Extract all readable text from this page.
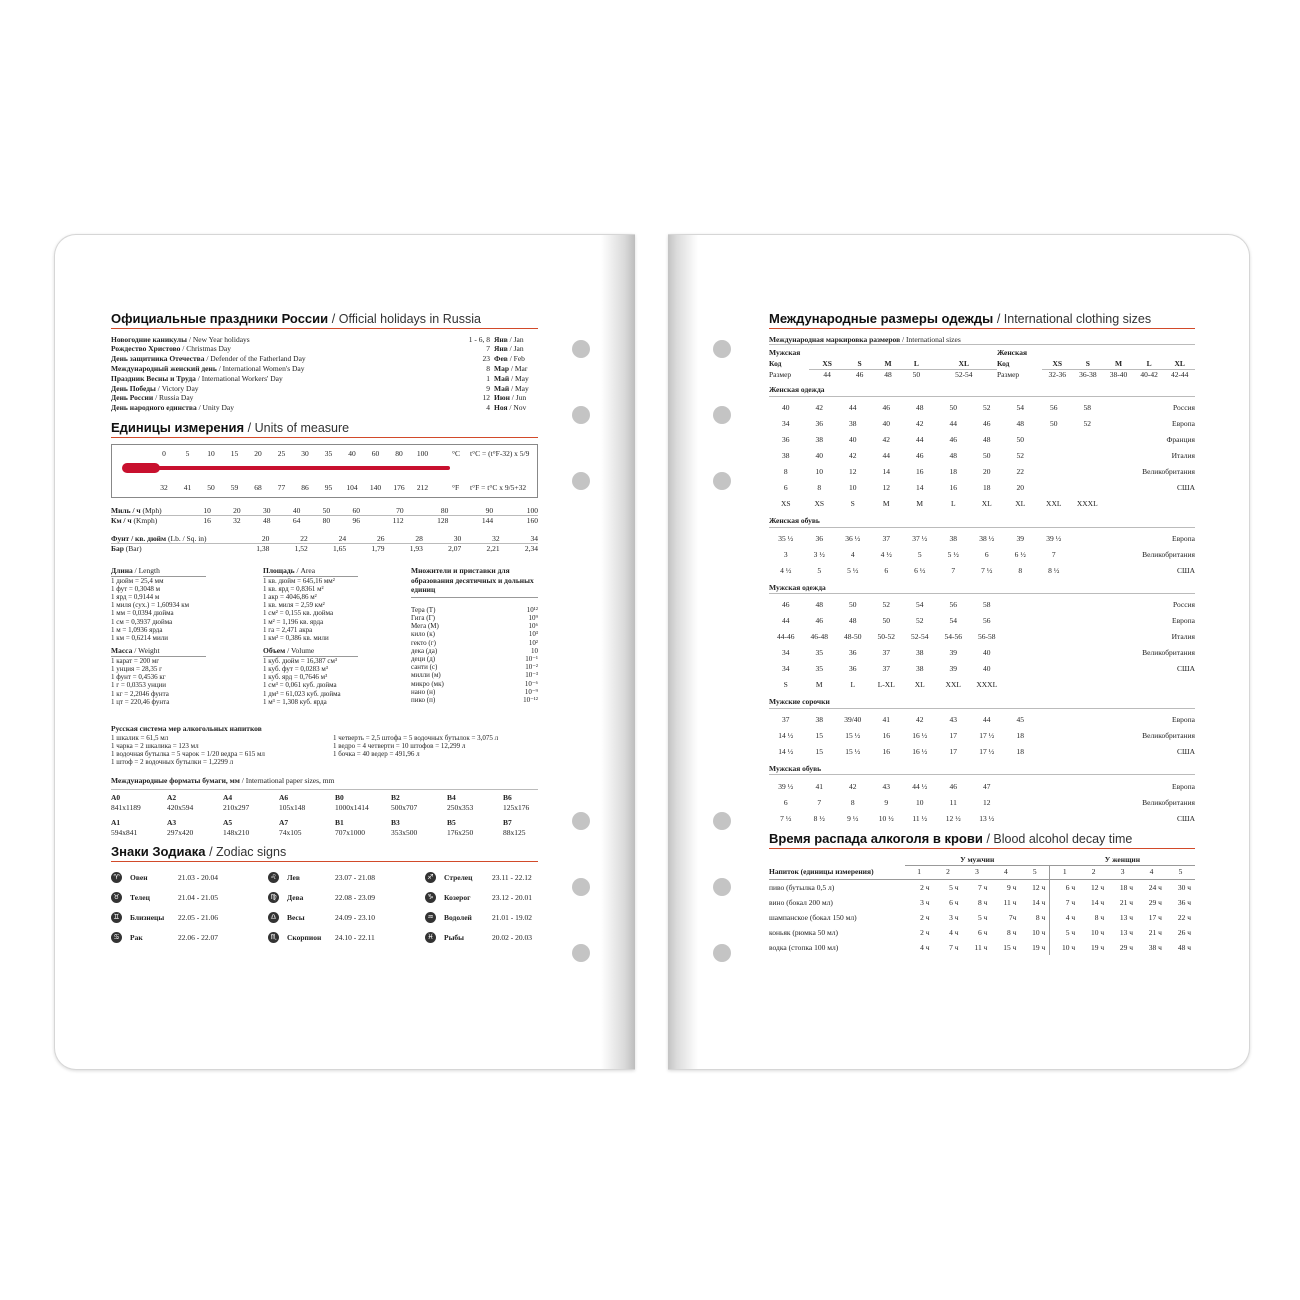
Официальные праздники России / Official holidays in Russia
Новогодние каникулы / New Year holidays	1 - 6, 8 Янв / Jan
Рождество Христово / Christmas Day	7 Янв / Jan
День защитника Отечества / Defender of the Fatherland Day	23 Фев / Feb
Международный женский день / International Women's Day	8 Мар / Mar
Праздник Весны и Труда / International Workers' Day	1 Май / May
День Победы / Victory Day	9 Май / May
День России / Russia Day	12 Июн / Jun
День народного единства / Unity Day	4 Ноя / Nov
Единицы измерения / Units of measure
0	5	10	15	20	25	30	35	40	60	80	100
32	41	50	59	68	77	86	95	104 140 176 212
°C t°C = (t°F-32) x 5/9
°F t°F = t°C x 9/5+32
Миль / ч (Mph)	10	20	30	40	50	60	70	80	90	100
Км / ч (Kmph)	16	32	48	64	80	96	112	128	144	160
Фунт / кв. дюйм (Lb. / Sq. in)	20	22	24	26	28	30	32	34
Бар (Bar)	1,38	1,52	1,65	1,79	1,93	2,07	2,21	2,34
Длина / Length
1 дюйм = 25,4 мм
1 фут = 0,3048 м
1 ярд = 0,9144 м
1 миля (сух.) = 1,60934 км
1 мм = 0,0394 дюйма
1 см = 0,3937 дюйма
1 м = 1,0936 ярда
1 км = 0,6214 мили
Масса / Weight
1 карат = 200 мг
1 унция = 28,35 г
1 фунт = 0,4536 кг
1 г = 0,0353 унции
1 кг = 2,2046 фунта
1 цт = 220,46 фунта
Площадь / Area
1 кв. дюйм = 645,16 мм²
1 кв. ярд = 0,8361 м²
1 акр = 4046,86 м²
1 кв. миля = 2,59 км²
1 см² = 0,155 кв. дюйма
1 м² = 1,196 кв. ярда
1 га = 2,471 акра
1 км² = 0,386 кв. мили
Объем / Volume
1 куб. дюйм = 16,387 см³
1 куб. фут = 0,0283 м³
1 куб. ярд = 0,7646 м³
1 см³ = 0,061 куб. дюйма
1 дм³ = 61,023 куб. дюйма
1 м³ = 1,308 куб. ярда
Множители и приставки для образования десятичных и дольных единиц
Тера (Т)	10¹²
Гига (Г)	10⁹
Мега (М)	10⁶
кило (к)	10³
гекто (г)	10²
дека (да)	10
деци (д)	10⁻¹
санти (с)	10⁻²
милли (м)	10⁻³
микро (мк)	10⁻⁶
нано (н)	10⁻⁹
пико (п)	10⁻¹²
Русская система мер алкогольных напитков
1 шкалик = 61,5 мл
1 чарка = 2 шкалика = 123 мл
1 водочная бутылка = 5 чарок = 1/20 ведра = 615 мл
1 штоф = 2 водочных бутылки = 1,2299 л
1 четверть = 2,5 штофа = 5 водочных бутылок = 3,075 л
1 ведро = 4 четверти = 10 штофов = 12,299 л
1 бочка = 40 ведер = 491,96 л
Международные форматы бумаги, мм / International paper sizes, mm
A0	A2	A4	A6	B0	B2	B4	B6
841x1189	420x594	210x297	105x148	1000x1414	500x707	250x353	125x176
A1	A3	A5	A7	B1	B3	B5	B7
594x841	297x420	148x210	74x105	707x1000	353x500	176x250	88x125
Знаки Зодиака / Zodiac signs
♈	Овен	21.03 - 20.04
♉	Телец	21.04 - 21.05
♊	Близнецы	22.05 - 21.06
♋	Рак	22.06 - 22.07
♌	Лев	23.07 - 21.08
♍	Дева	22.08 - 23.09
♎	Весы	24.09 - 23.10
♏	Скорпион	24.10 - 22.11
♐	Стрелец	23.11 - 22.12
♑	Козерог	23.12 - 20.01
♒	Водолей	21.01 - 19.02
♓	Рыбы	20.02 - 20.03
Международные размеры одежды / International clothing sizes
Международная маркировка размеров / International sizes
Мужская					
Код	XS	S	M	L	XL
Размер	44	46	48	50	52-54
Женская					
Код	XS	S	M	L	XL
Размер	32-36	36-38	38-40	40-42	42-44
Женская одежда
40	42	44	46	48	50	52	54	56	58	Россия
34	36	38	40	42	44	46	48	50	52	Европа
36	38	40	42	44	46	48	50			Франция
38	40	42	44	46	48	50	52			Италия
8	10	12	14	16	18	20	22			Великобритания
6	8	10	12	14	16	18	20			США
XS	XS	S	M	M	L	XL	XL	XXL	XXXL	
Женская обувь
35 ½	36	36 ½	37	37 ½	38	38 ½	39	39 ½		Европа
3	3 ½	4	4 ½	5	5 ½	6	6 ½	7		Великобритания
4 ½	5	5 ½	6	6 ½	7	7 ½	8	8 ½		США
Мужская одежда
46	48	50	52	54	56	58				Россия
44	46	48	50	52	54	56				Европа
44-46	46-48	48-50	50-52	52-54	54-56	56-58				Италия
34	35	36	37	38	39	40				Великобритания
34	35	36	37	38	39	40				США
S	M	L	L-XL	XL	XXL	XXXL				
Мужские сорочки
37	38	39/40	41	42	43	44	45			Европа
14 ½	15	15 ½	16	16 ½	17	17 ½	18			Великобритания
14 ½	15	15 ½	16	16 ½	17	17 ½	18			США
Мужская обувь
39 ½	41	42	43	44 ½	46	47				Европа
6	7	8	9	10	11	12				Великобритания
7 ½	8 ½	9 ½	10 ½	11 ½	12 ½	13 ½				США
Время распада алкоголя в крови / Blood alcohol decay time
	У мужчин					У женщин				
Напиток (единицы измерения)	1	2	3	4	5	1	2	3	4	5
пиво (бутылка 0,5 л)	2 ч	5 ч	7 ч	9 ч	12 ч	6 ч	12 ч	18 ч	24 ч	30 ч
вино (бокал 200 мл)	3 ч	6 ч	8 ч	11 ч	14 ч	7 ч	14 ч	21 ч	29 ч	36 ч
шампанское (бокал 150 мл)	2 ч	3 ч	5 ч	7ч	8 ч	4 ч	8 ч	13 ч	17 ч	22 ч
коньяк (рюмка 50 мл)	2 ч	4 ч	6 ч	8 ч	10 ч	5 ч	10 ч	13 ч	21 ч	26 ч
водка (стопка 100 мл)	4 ч	7 ч	11 ч	15 ч	19 ч	10 ч	19 ч	29 ч	38 ч	48 ч
